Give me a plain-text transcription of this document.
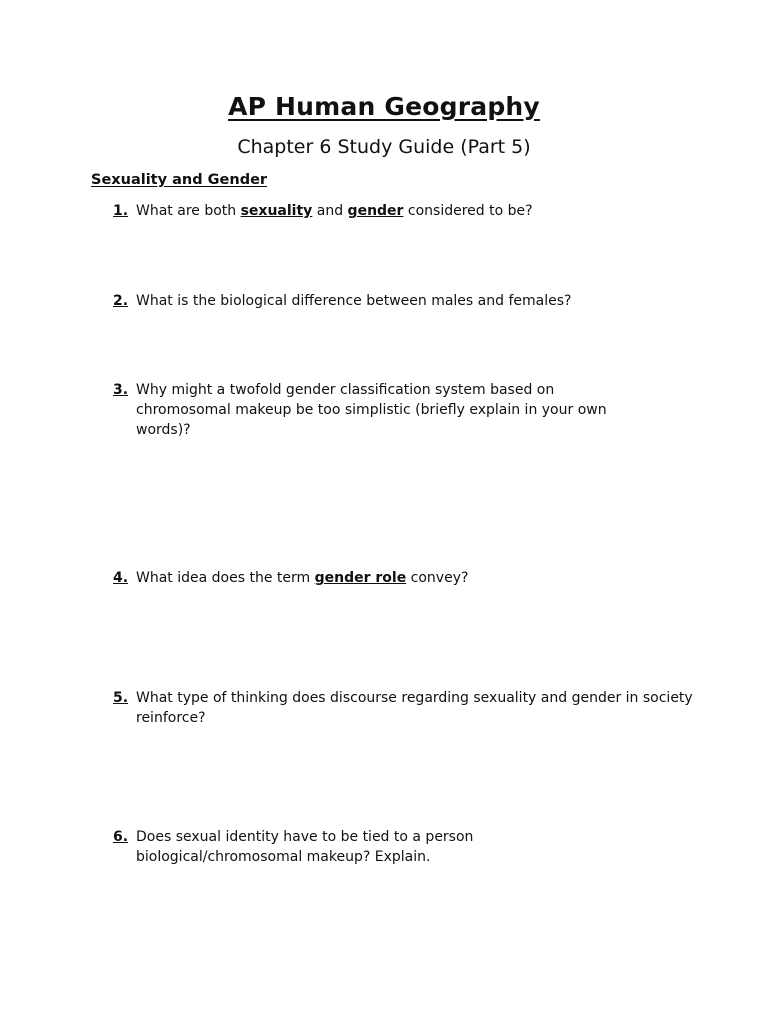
AP Human Geography
Chapter 6 Study Guide (Part 5)
Sexuality and Gender
1. What are both sexuality and gender considered to be?
2. What is the biological difference between males and females?
3. Why might a twofold gender classification system based on chromosomal makeup be too simplistic (briefly explain in your own words)?
4. What idea does the term gender role convey?
5. What type of thinking does discourse regarding sexuality and gender in society reinforce?
6. Does sexual identity have to be tied to a person biological/chromosomal makeup? Explain.
